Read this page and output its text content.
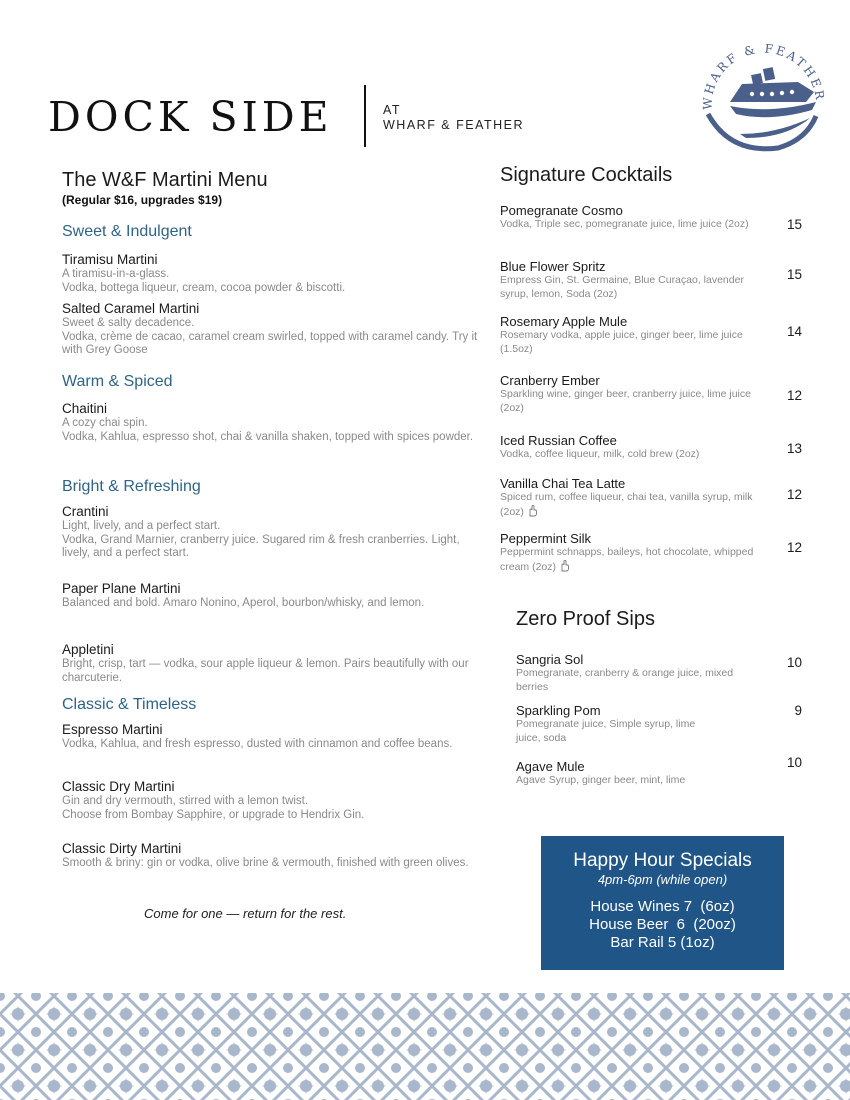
DOCK SIDE	AT
WHARF & FEATHER
WHARF & FEATHER
The W&F Martini Menu
(Regular $16, upgrades $19)
Sweet & Indulgent
Tiramisu Martini
A tiramisu-in-a-glass.
Vodka, bottega liqueur, cream, cocoa powder & biscotti.
Salted Caramel Martini
Sweet & salty decadence.
Vodka, crème de cacao, caramel cream swirled, topped with caramel candy. Try it with Grey Goose
Warm & Spiced
Chaitini
A cozy chai spin.
Vodka, Kahlua, espresso shot, chai & vanilla shaken, topped with spices powder.
Bright & Refreshing
Crantini
Light, lively, and a perfect start.
Vodka, Grand Marnier, cranberry juice. Sugared rim & fresh cranberries. Light, lively, and a perfect start.
Paper Plane Martini
Balanced and bold. Amaro Nonino, Aperol, bourbon/whisky, and lemon.
Appletini
Bright, crisp, tart — vodka, sour apple liqueur & lemon. Pairs beautifully with our charcuterie.
Classic & Timeless
Espresso Martini
Vodka, Kahlua, and fresh espresso, dusted with cinnamon and coffee beans.
Classic Dry Martini
Gin and dry vermouth, stirred with a lemon twist.
Choose from Bombay Sapphire, or upgrade to Hendrix Gin.
Classic Dirty Martini
Smooth & briny: gin or vodka, olive brine & vermouth, finished with green olives.
Come for one — return for the rest.
Signature Cocktails
Pomegranate Cosmo
Vodka, Triple sec, pomegranate juice, lime juice (2oz)	15
Blue Flower Spritz
Empress Gin, St. Germaine, Blue Curaçao, lavender syrup, lemon, Soda (2oz)
15
Rosemary Apple Mule
Rosemary vodka, apple juice, ginger beer, lime juice (1.5oz)
14
Cranberry Ember
Sparkling wine, ginger beer, cranberry juice, lime juice (2oz)
12
Iced Russian Coffee
Vodka, coffee liqueur, milk, cold brew (2oz)	13
Vanilla Chai Tea Latte
Spiced rum, coffee liqueur, chai tea, vanilla syrup, milk (2oz)
12
Peppermint Silk
Peppermint schnapps, baileys, hot chocolate, whipped cream (2oz)
12
Zero Proof Sips
Sangria Sol
Pomegranate, cranberry & orange juice, mixed berries
10
Sparkling Pom
Pomegranate juice, Simple syrup, lime juice, soda
9
Agave Mule
Agave Syrup, ginger beer, mint, lime
10
Happy Hour Specials
4pm-6pm (while open)
House Wines 7  (6oz)
House Beer  6  (20oz)
Bar Rail 5 (1oz)
